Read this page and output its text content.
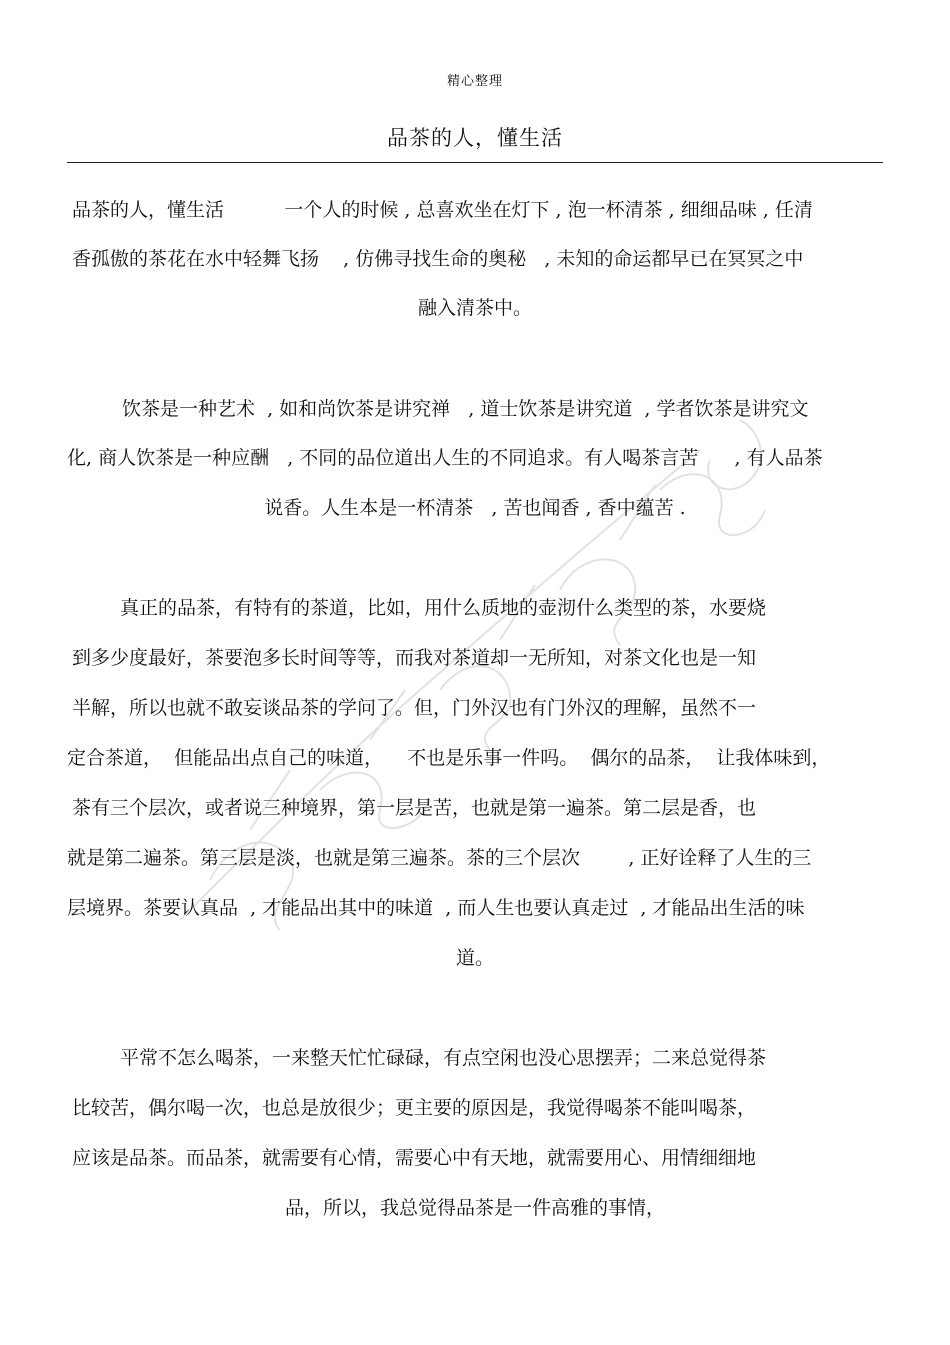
精心整理
品茶的人，懂生活
品茶的人，懂生活          一个人的时候 , 总喜欢坐在灯下 , 泡一杯清茶 , 细细品味 , 任清
香孤傲的茶花在水中轻舞飞扬    , 仿佛寻找生命的奥秘   , 未知的命运都早已在冥冥之中
融入清茶中。
饮茶是一种艺术  , 如和尚饮茶是讲究禅   , 道士饮茶是讲究道  , 学者饮茶是讲究文
化, 商人饮茶是一种应酬   , 不同的品位道出人生的不同追求。有人喝茶言苦      , 有人品茶
说香。人生本是一杯清茶   , 苦也闻香 , 香中蕴苦 .
真正的品茶，有特有的茶道，比如，用什么质地的壶沏什么类型的茶，水要烧
到多少度最好，茶要泡多长时间等等，而我对茶道却一无所知，对茶文化也是一知
半解，所以也就不敢妄谈品茶的学问了。但，门外汉也有门外汉的理解，虽然不一
定合茶道，  但能品出点自己的味道，    不也是乐事一件吗。  偶尔的品茶，  让我体味到，
茶有三个层次，或者说三种境界，第一层是苦，也就是第一遍茶。第二层是香，也
就是第二遍茶。第三层是淡，也就是第三遍茶。茶的三个层次        , 正好诠释了人生的三
层境界。茶要认真品  , 才能品出其中的味道  , 而人生也要认真走过  , 才能品出生活的味
道。
平常不怎么喝茶，一来整天忙忙碌碌，有点空闲也没心思摆弄；二来总觉得茶
比较苦，偶尔喝一次，也总是放很少；更主要的原因是，我觉得喝茶不能叫喝茶，
应该是品茶。而品茶，就需要有心情，需要心中有天地，就需要用心、用情细细地
品，所以，我总觉得品茶是一件高雅的事情，
